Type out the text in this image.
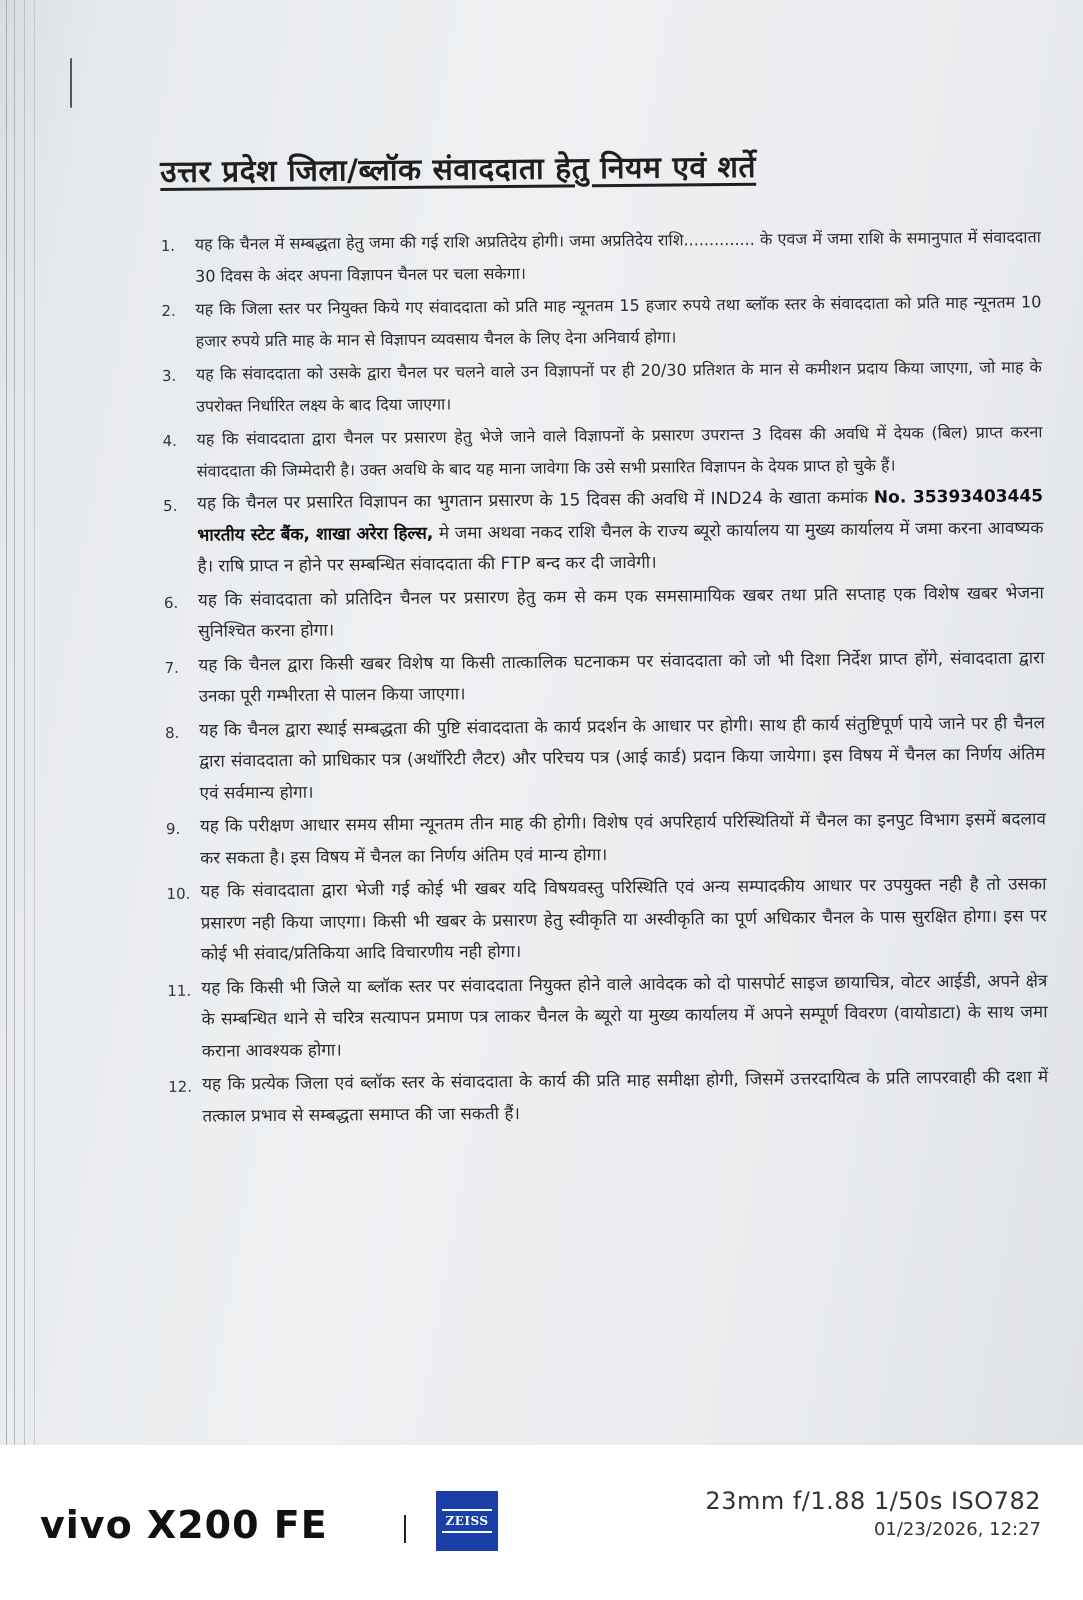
उत्तर प्रदेश जिला/ब्लॉक संवाददाता हेतु नियम एवं शर्ते
1.	यह कि चैनल में सम्बद्धता हेतु जमा की गई राशि अप्रतिदेय होगी। जमा अप्रतिदेय राशि.............. के एवज में जमा राशि के समानुपात में संवाददाता 30 दिवस के अंदर अपना विज्ञापन चैनल पर चला सकेगा।
2.	यह कि जिला स्तर पर नियुक्त किये गए संवाददाता को प्रति माह न्यूनतम 15 हजार रुपये तथा ब्लॉक स्तर के संवाददाता को प्रति माह न्यूनतम 10 हजार रुपये प्रति माह के मान से विज्ञापन व्यवसाय चैनल के लिए देना अनिवार्य होगा।
3.	यह कि संवाददाता को उसके द्वारा चैनल पर चलने वाले उन विज्ञापनों पर ही 20/30 प्रतिशत के मान से कमीशन प्रदाय किया जाएगा, जो माह के उपरोक्त निर्धारित लक्ष्य के बाद दिया जाएगा।
4.	यह कि संवाददाता द्वारा चैनल पर प्रसारण हेतु भेजे जाने वाले विज्ञापनों के प्रसारण उपरान्त 3 दिवस की अवधि में देयक (बिल) प्राप्त करना संवाददाता की जिम्मेदारी है। उक्त अवधि के बाद यह माना जावेगा कि उसे सभी प्रसारित विज्ञापन के देयक प्राप्त हो चुके हैं।
5.	यह कि चैनल पर प्रसारित विज्ञापन का भुगतान प्रसारण के 15 दिवस की अवधि में IND24 के खाता कमांक No. 35393403445 भारतीय स्टेट बैंक, शाखा अरेरा हिल्स, मे जमा अथवा नकद राशि चैनल के राज्य ब्यूरो कार्यालय या मुख्य कार्यालय में जमा करना आवष्यक है। राषि प्राप्त न होने पर सम्बन्धित संवाददाता की FTP बन्द कर दी जावेगी।
6.	यह कि संवाददाता को प्रतिदिन चैनल पर प्रसारण हेतु कम से कम एक समसामायिक खबर तथा प्रति सप्ताह एक विशेष खबर भेजना सुनिश्चित करना होगा।
7.	यह कि चैनल द्वारा किसी खबर विशेष या किसी तात्कालिक घटनाकम पर संवाददाता को जो भी दिशा निर्देश प्राप्त होंगे, संवाददाता द्वारा उनका पूरी गम्भीरता से पालन किया जाएगा।
8.	यह कि चैनल द्वारा स्थाई सम्बद्धता की पुष्टि संवाददाता के कार्य प्रदर्शन के आधार पर होगी। साथ ही कार्य संतुष्टिपूर्ण पाये जाने पर ही चैनल द्वारा संवाददाता को प्राधिकार पत्र (अथॉरिटी लैटर) और परिचय पत्र (आई कार्ड) प्रदान किया जायेगा। इस विषय में चैनल का निर्णय अंतिम एवं सर्वमान्य होगा।
9.	यह कि परीक्षण आधार समय सीमा न्यूनतम तीन माह की होगी। विशेष एवं अपरिहार्य परिस्थितियों में चैनल का इनपुट विभाग इसमें बदलाव कर सकता है। इस विषय में चैनल का निर्णय अंतिम एवं मान्य होगा।
10. यह कि संवाददाता द्वारा भेजी गई कोई भी खबर यदि विषयवस्तु परिस्थिति एवं अन्य सम्पादकीय आधार पर उपयुक्त नही है तो उसका प्रसारण नही किया जाएगा। किसी भी खबर के प्रसारण हेतु स्वीकृति या अस्वीकृति का पूर्ण अधिकार चैनल के पास सुरक्षित होगा। इस पर कोई भी संवाद/प्रतिकिया आदि विचारणीय नही होगा।
11. यह कि किसी भी जिले या ब्लॉक स्तर पर संवाददाता नियुक्त होने वाले आवेदक को दो पासपोर्ट साइज छायाचित्र, वोटर आईडी, अपने क्षेत्र के सम्बन्धित थाने से चरित्र सत्यापन प्रमाण पत्र लाकर चैनल के ब्यूरो या मुख्य कार्यालय में अपने सम्पूर्ण विवरण (वायोडाटा) के साथ जमा कराना आवश्यक होगा।
12. यह कि प्रत्येक जिला एवं ब्लॉक स्तर के संवाददाता के कार्य की प्रति माह समीक्षा होगी, जिसमें उत्तरदायित्व के प्रति लापरवाही की दशा में तत्काल प्रभाव से सम्बद्धता समाप्त की जा सकती हैं।
vivo X200 FE	ZEISS
23mm f/1.88 1/50s ISO782
01/23/2026, 12:27
